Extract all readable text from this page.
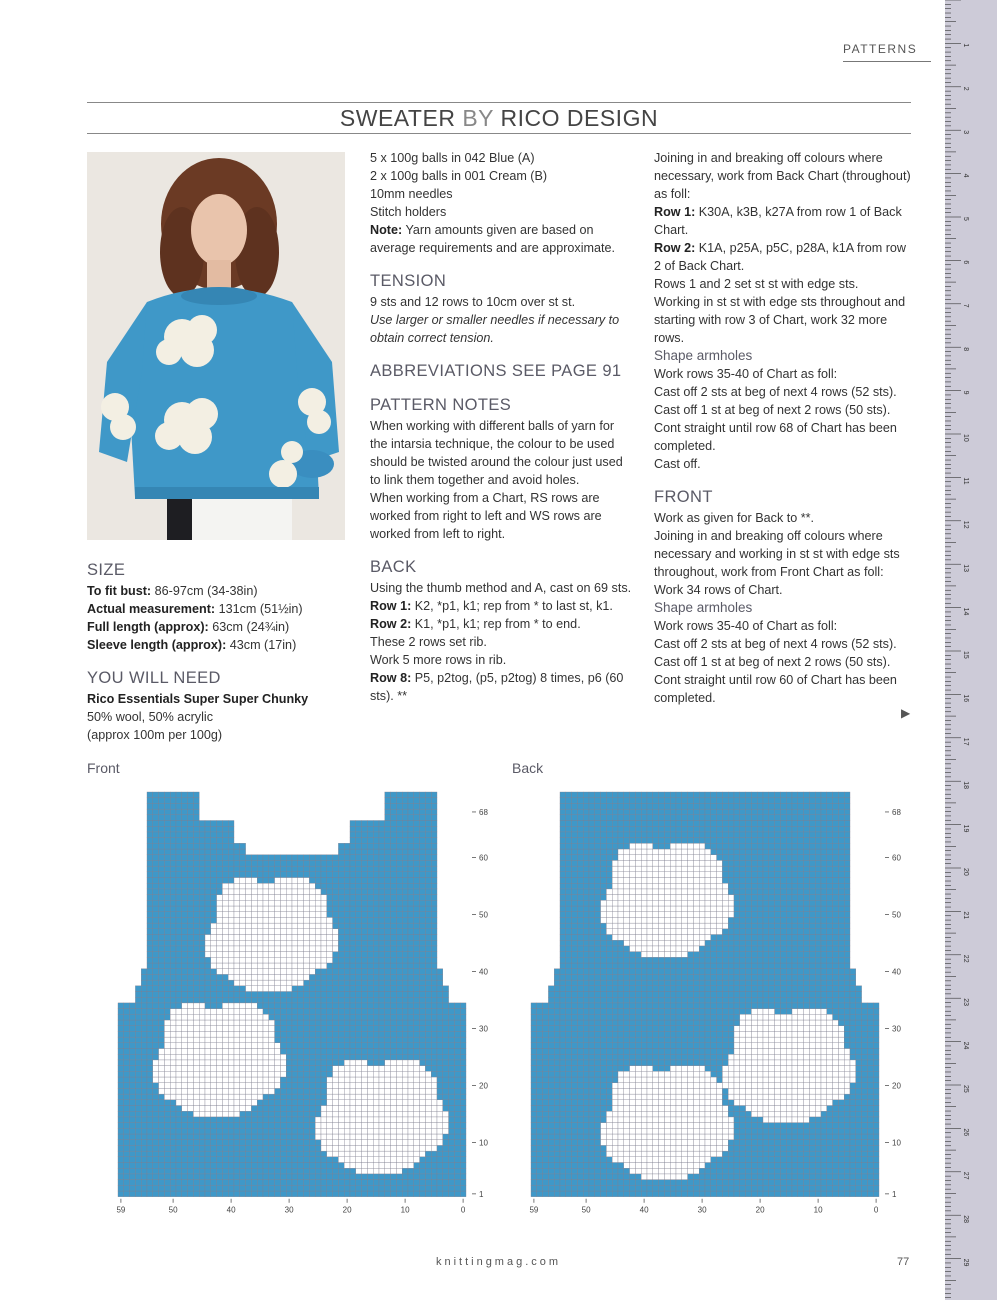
PATTERNS
SWEATER BY RICO DESIGN
SIZE

To fit bust: 86-97cm (34-38in)

Actual measurement: 131cm (51½in)

Full length (approx): 63cm (24¾in)

Sleeve length (approx): 43cm (17in)

YOU WILL NEED

Rico Essentials Super Super Chunky

50% wool, 50% acrylic

(approx 100m per 100g)

5 x 100g balls in 042 Blue (A)

2 x 100g balls in 001 Cream (B)

10mm needles

Stitch holders

Note: Yarn amounts given are based on average requirements and are approximate.

TENSION

9 sts and 12 rows to 10cm over st st.

Use larger or smaller needles if necessary to obtain correct tension.

ABBREVIATIONS SEE PAGE 91
PATTERN NOTES

When working with different balls of yarn for the intarsia technique, the colour to be used should be twisted around the colour just used to link them together and avoid holes.

When working from a Chart, RS rows are worked from right to left and WS rows are worked from left to right.

BACK

Using the thumb method and A, cast on 69 sts.

Row 1: K2, *p1, k1; rep from * to last st, k1.

Row 2: K1, *p1, k1; rep from * to end.

These 2 rows set rib.

Work 5 more rows in rib.

Row 8: P5, p2tog, (p5, p2tog) 8 times, p6 (60 sts). **

Joining in and breaking off colours where necessary, work from Back Chart (throughout) as foll:

Row 1: K30A, k3B, k27A from row 1 of Back Chart.

Row 2: K1A, p25A, p5C, p28A, k1A from row 2 of Back Chart.

Rows 1 and 2 set st st with edge sts.

Working in st st with edge sts throughout and starting with row 3 of Chart, work 32 more rows.

Shape armholes

Work rows 35-40 of Chart as foll:

Cast off 2 sts at beg of next 4 rows (52 sts).

Cast off 1 st at beg of next 2 rows (50 sts).

Cont straight until row 68 of Chart has been completed.

Cast off.

FRONT

Work as given for Back to **.

Joining in and breaking off colours where necessary and working in st st with edge sts throughout, work from Front Chart as foll:

Work 34 rows of Chart.

Shape armholes

Work rows 35-40 of Chart as foll:

Cast off 2 sts at beg of next 4 rows (52 sts).

Cast off 1 st at beg of next 2 rows (50 sts).

Cont straight until row 60 of Chart has been completed.

▶
Front	Back
59	50	40	30	20	10	0
68
60
50
40
30
20
10
1
59	50	40	30	20	10	0
68
60
50
40
30
20
10
1
knittingmag.com	77
1
2
3
4
5
6
7
8
9
10
11
12
13
14
15
16
17
18
19
20
21
22
23
24
25
26
27
28
29
